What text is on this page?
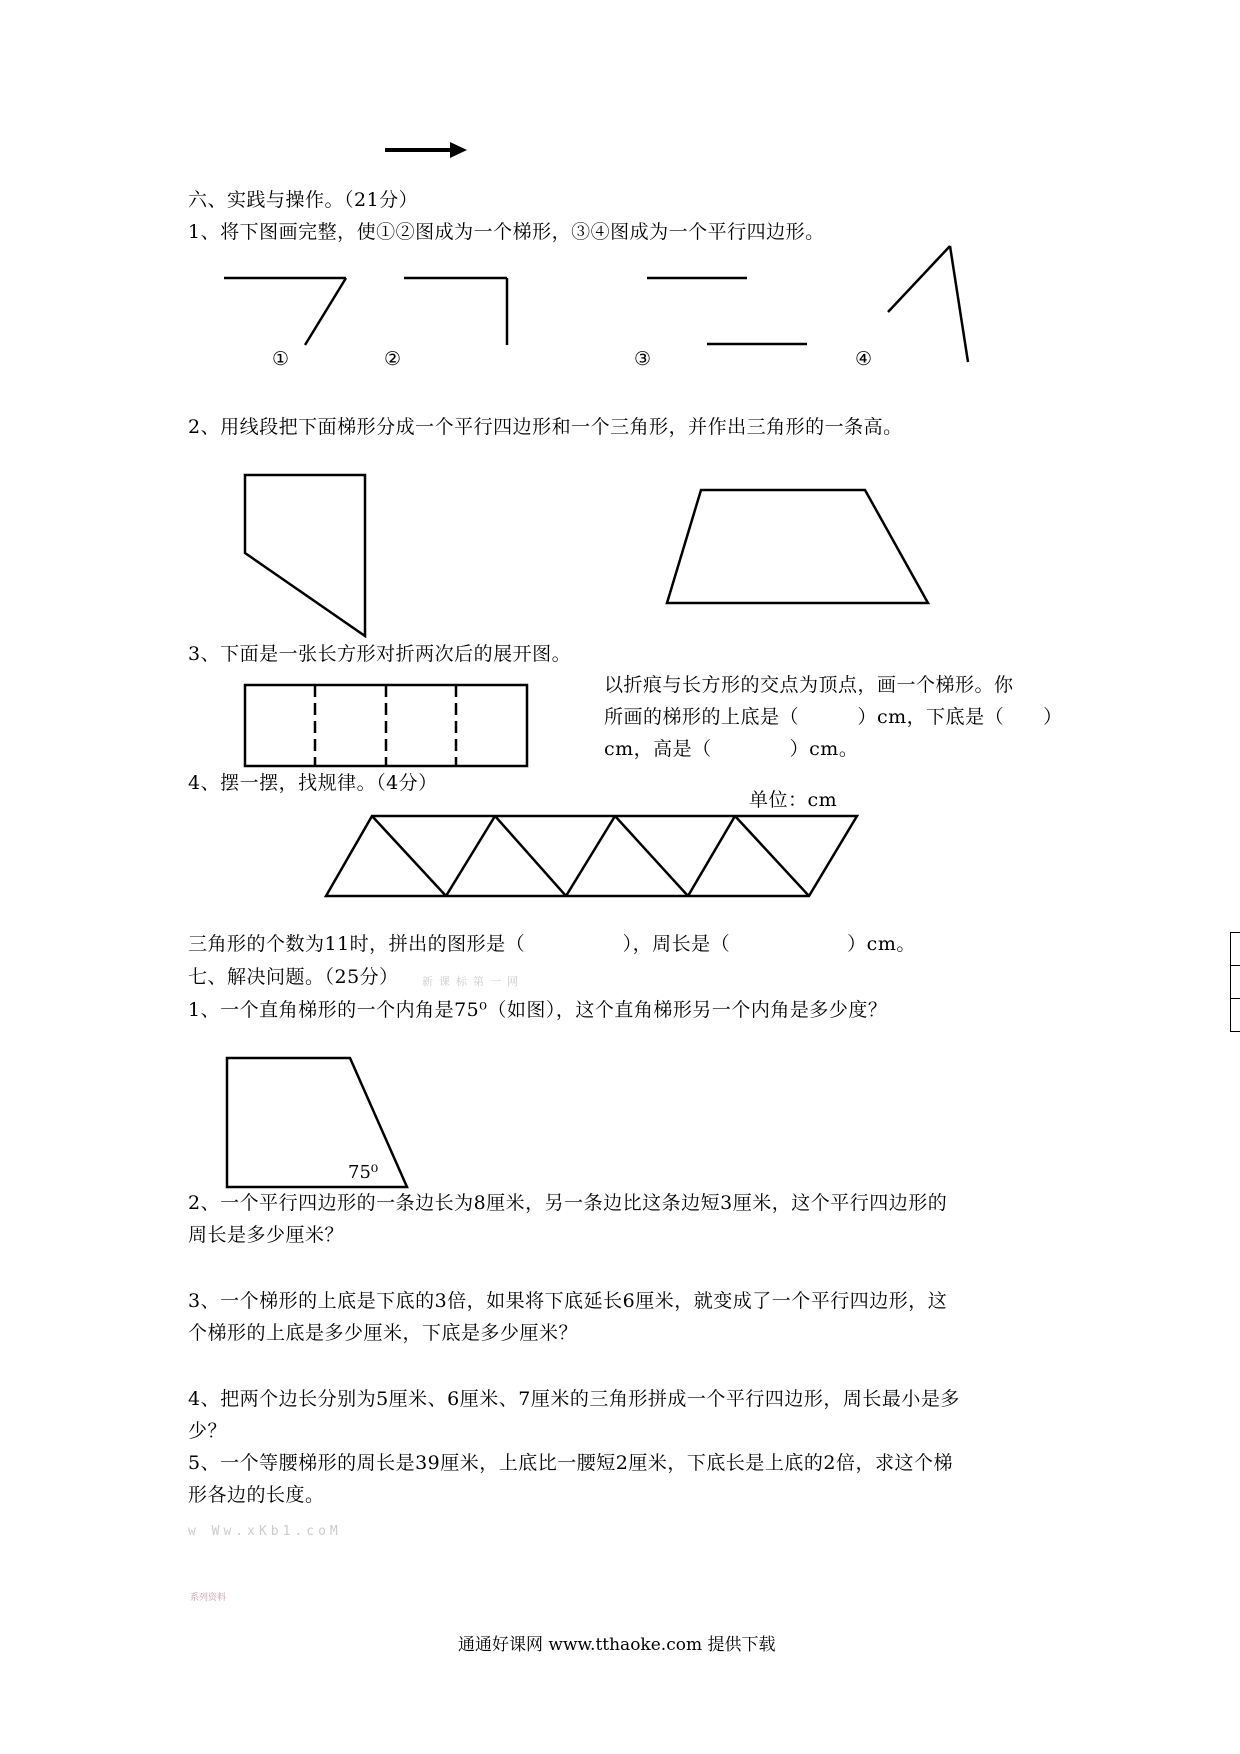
六、实践与操作。（21分）
1、将下图画完整，使①②图成为一个梯形，③④图成为一个平行四边形。
①	②	③	④
2、用线段把下面梯形分成一个平行四边形和一个三角形，并作出三角形的一条高。
3、下面是一张长方形对折两次后的展开图。
以折痕与长方形的交点为顶点，画一个梯形。你
所画的梯形的上底是（　　　）cm，下底是（　　）
cm，高是（　　　　）cm。
4、摆一摆，找规律。（4分）
单位：cm
三角形的个数为11时，拼出的图形是（　　　　　），周长是（　　　　　　）cm。
七、解决问题。（25分） 新课标第一网
1、一个直角梯形的一个内角是75⁰（如图），这个直角梯形另一个内角是多少度？
75⁰
2、一个平行四边形的一条边长为8厘米，另一条边比这条边短3厘米，这个平行四边形的
周长是多少厘米？
3、一个梯形的上底是下底的3倍，如果将下底延长6厘米，就变成了一个平行四边形，这
个梯形的上底是多少厘米，下底是多少厘米？
4、把两个边长分别为5厘米、6厘米、7厘米的三角形拼成一个平行四边形，周长最小是多
少？
5、一个等腰梯形的周长是39厘米，上底比一腰短2厘米，下底长是上底的2倍，求这个梯
形各边的长度。
w Ww.xKb1.coM
系列资料
通通好课网 www.tthaoke.com 提供下载
